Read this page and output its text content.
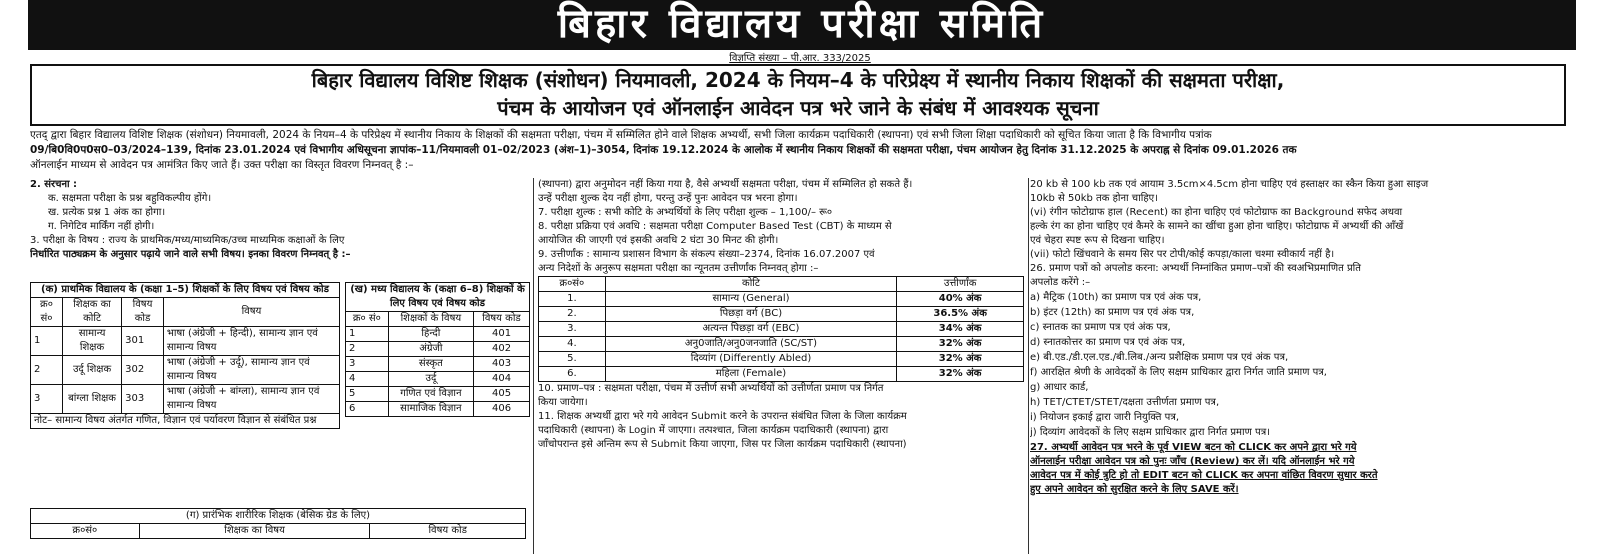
बिहार विद्यालय परीक्षा समिति
विज्ञप्ति संख्या – पी.आर. 333/2025
बिहार विद्यालय विशिष्ट शिक्षक (संशोधन) नियमावली, 2024 के नियम–4 के परिप्रेक्ष्य में स्थानीय निकाय शिक्षकों की सक्षमता परीक्षा,
पंचम के आयोजन एवं ऑनलाईन आवेदन पत्र भरे जाने के संबंध में आवश्यक सूचना
एतद् द्वारा बिहार विद्यालय विशिष्ट शिक्षक (संशोधन) नियमावली, 2024 के नियम–4 के परिप्रेक्ष्य में स्थानीय निकाय के शिक्षकों की सक्षमता परीक्षा, पंचम में सम्मिलित होने वाले शिक्षक अभ्यर्थी, सभी जिला कार्यक्रम पदाधिकारी (स्थापना) एवं सभी जिला शिक्षा पदाधिकारी को सूचित किया जाता है कि विभागीय पत्रांक
09/बि0वि0प0स0–03/2024–139, दिनांक 23.01.2024 एवं विभागीय अधिसूचना ज्ञापांक–11/नियमावली 01–02/2023 (अंश–1)–3054, दिनांक 19.12.2024 के आलोक में स्थानीय निकाय शिक्षकों की सक्षमता परीक्षा, पंचम आयोजन हेतु दिनांक 31.12.2025 के अपराह्न से दिनांक 09.01.2026 तक
ऑनलाईन माध्यम से आवेदन पत्र आमंत्रित किए जाते हैं। उक्त परीक्षा का विस्तृत विवरण निम्नवत् है :–
2. संरचना :
क. सक्षमता परीक्षा के प्रश्न बहुविकल्पीय होंगे।
ख. प्रत्येक प्रश्न 1 अंक का होगा।
ग. निगेटिव मार्किंग नहीं होगी।
3. परीक्षा के विषय : राज्य के प्राथमिक/मध्य/माध्यमिक/उच्च माध्यमिक कक्षाओं के लिए
निर्धारित पाठ्यक्रम के अनुसार पढ़ाये जाने वाले सभी विषय। इनका विवरण निम्नवत् है :–
(क) प्राथमिक विद्यालय के (कक्षा 1–5) शिक्षकों के लिए विषय एवं विषय कोड			
क्र० सं०	शिक्षक का कोटि	विषय कोड	विषय
1	सामान्य शिक्षक	301	भाषा (अंग्रेजी + हिन्दी), सामान्य ज्ञान एवं सामान्य विषय
2	उर्दू शिक्षक	302	भाषा (अंग्रेजी + उर्दू), सामान्य ज्ञान एवं सामान्य विषय
3	बांग्ला शिक्षक	303	भाषा (अंग्रेजी + बांग्ला), सामान्य ज्ञान एवं सामान्य विषय
नोट– सामान्य विषय अंतर्गत गणित, विज्ञान एवं पर्यावरण विज्ञान से संबंधित प्रश्न			
(ख) मध्य विद्यालय के (कक्षा 6–8) शिक्षकों के लिए विषय एवं विषय कोड		
क्र० सं०	शिक्षकों के विषय	विषय कोड
1	हिन्दी	401
2	अंग्रेजी	402
3	संस्कृत	403
4	उर्दू	404
5	गणित एवं विज्ञान	405
6	सामाजिक विज्ञान	406
(ग) प्रारंभिक शारीरिक शिक्षक (बेसिक ग्रेड के लिए)
क्र०सं०	शिक्षक का विषय	विषय कोड
(स्थापना) द्वारा अनुमोदन नहीं किया गया है, वैसे अभ्यर्थी सक्षमता परीक्षा, पंचम में सम्मिलित हो सकते हैं।
उन्हें परीक्षा शुल्क देय नहीं होगा, परन्तु उन्हें पुनः आवेदन पत्र भरना होगा।
7. परीक्षा शुल्क : सभी कोटि के अभ्यर्थियों के लिए परीक्षा शुल्क – 1,100/– रू०
8. परीक्षा प्रक्रिया एवं अवधि : सक्षमता परीक्षा Computer Based Test (CBT) के माध्यम से
आयोजित की जाएगी एवं इसकी अवधि 2 घंटा 30 मिनट की होगी।
9. उत्तीर्णांक : सामान्य प्रशासन विभाग के संकल्प संख्या–2374, दिनांक 16.07.2007 एवं
अन्य निदेशों के अनुरूप सक्षमता परीक्षा का न्यूनतम उत्तीर्णांक निम्नवत् होगा :–
क्र०सं०	कोटि	उत्तीर्णांक
1.	सामान्य (General)	40% अंक
2.	पिछड़ा वर्ग (BC)	36.5% अंक
3.	अत्यन्त पिछड़ा वर्ग (EBC)	34% अंक
4.	अनु0जाति/अनु0जनजाति (SC/ST)	32% अंक
5.	दिव्यांग (Differently Abled)	32% अंक
6.	महिला (Female)	32% अंक
10. प्रमाण–पत्र : सक्षमता परीक्षा, पंचम में उत्तीर्ण सभी अभ्यर्थियों को उत्तीर्णता प्रमाण पत्र निर्गत
किया जायेगा।
11. शिक्षक अभ्यर्थी द्वारा भरे गये आवेदन Submit करने के उपरान्त संबंधित जिला के जिला कार्यक्रम
पदाधिकारी (स्थापना) के Login में जाएगा। तत्पश्चात, जिला कार्यक्रम पदाधिकारी (स्थापना) द्वारा
जाँचोपरान्त इसे अन्तिम रूप से Submit किया जाएगा, जिस पर जिला कार्यक्रम पदाधिकारी (स्थापना)
20 kb से 100 kb तक एवं आयाम 3.5cm×4.5cm होना चाहिए एवं हस्ताक्षर का स्कैन किया हुआ साइज
10kb से 50kb तक होना चाहिए।
(vi) रंगीन फोटोग्राफ हाल (Recent) का होना चाहिए एवं फोटोग्राफ का Background सफेद अथवा
हल्के रंग का होना चाहिए एवं कैमरे के सामने का खींचा हुआ होना चाहिए। फोटोग्राफ में अभ्यर्थी की आँखें
एवं चेहरा स्पष्ट रूप से दिखना चाहिए।
(vii) फोटो खिंचवाने के समय सिर पर टोपी/कोई कपड़ा/काला चश्मा स्वीकार्य नहीं है।
26. प्रमाण पत्रों को अपलोड करना: अभ्यर्थी निम्नांकित प्रमाण–पत्रों की स्वअभिप्रमाणित प्रति
अपलोड करेंगे :–
a) मैट्रिक (10th) का प्रमाण पत्र एवं अंक पत्र,
b) इंटर (12th) का प्रमाण पत्र एवं अंक पत्र,
c) स्नातक का प्रमाण पत्र एवं अंक पत्र,
d) स्नातकोत्तर का प्रमाण पत्र एवं अंक पत्र,
e) बी.एड./डी.एल.एड./बी.लिब./अन्य प्रशैक्षिक प्रमाण पत्र एवं अंक पत्र,
f) आरक्षित श्रेणी के आवेदकों के लिए सक्षम प्राधिकार द्वारा निर्गत जाति प्रमाण पत्र,
g) आधार कार्ड,
h) TET/CTET/STET/दक्षता उत्तीर्णता प्रमाण पत्र,
i) नियोजन इकाई द्वारा जारी नियुक्ति पत्र,
j) दिव्यांग आवेदकों के लिए सक्षम प्राधिकार द्वारा निर्गत प्रमाण पत्र।
27. अभ्यर्थी आवेदन पत्र भरने के पूर्व VIEW बटन को CLICK कर अपने द्वारा भरे गये
ऑनलाईन परीक्षा आवेदन पत्र को पुनः जाँच (Review) कर लें। यदि ऑनलाईन भरे गये
आवेदन पत्र में कोई त्रुटि हो तो EDIT बटन को CLICK कर अपना वांछित विवरण सुधार करते
हुए अपने आवेदन को सुरक्षित करने के लिए SAVE करें।
